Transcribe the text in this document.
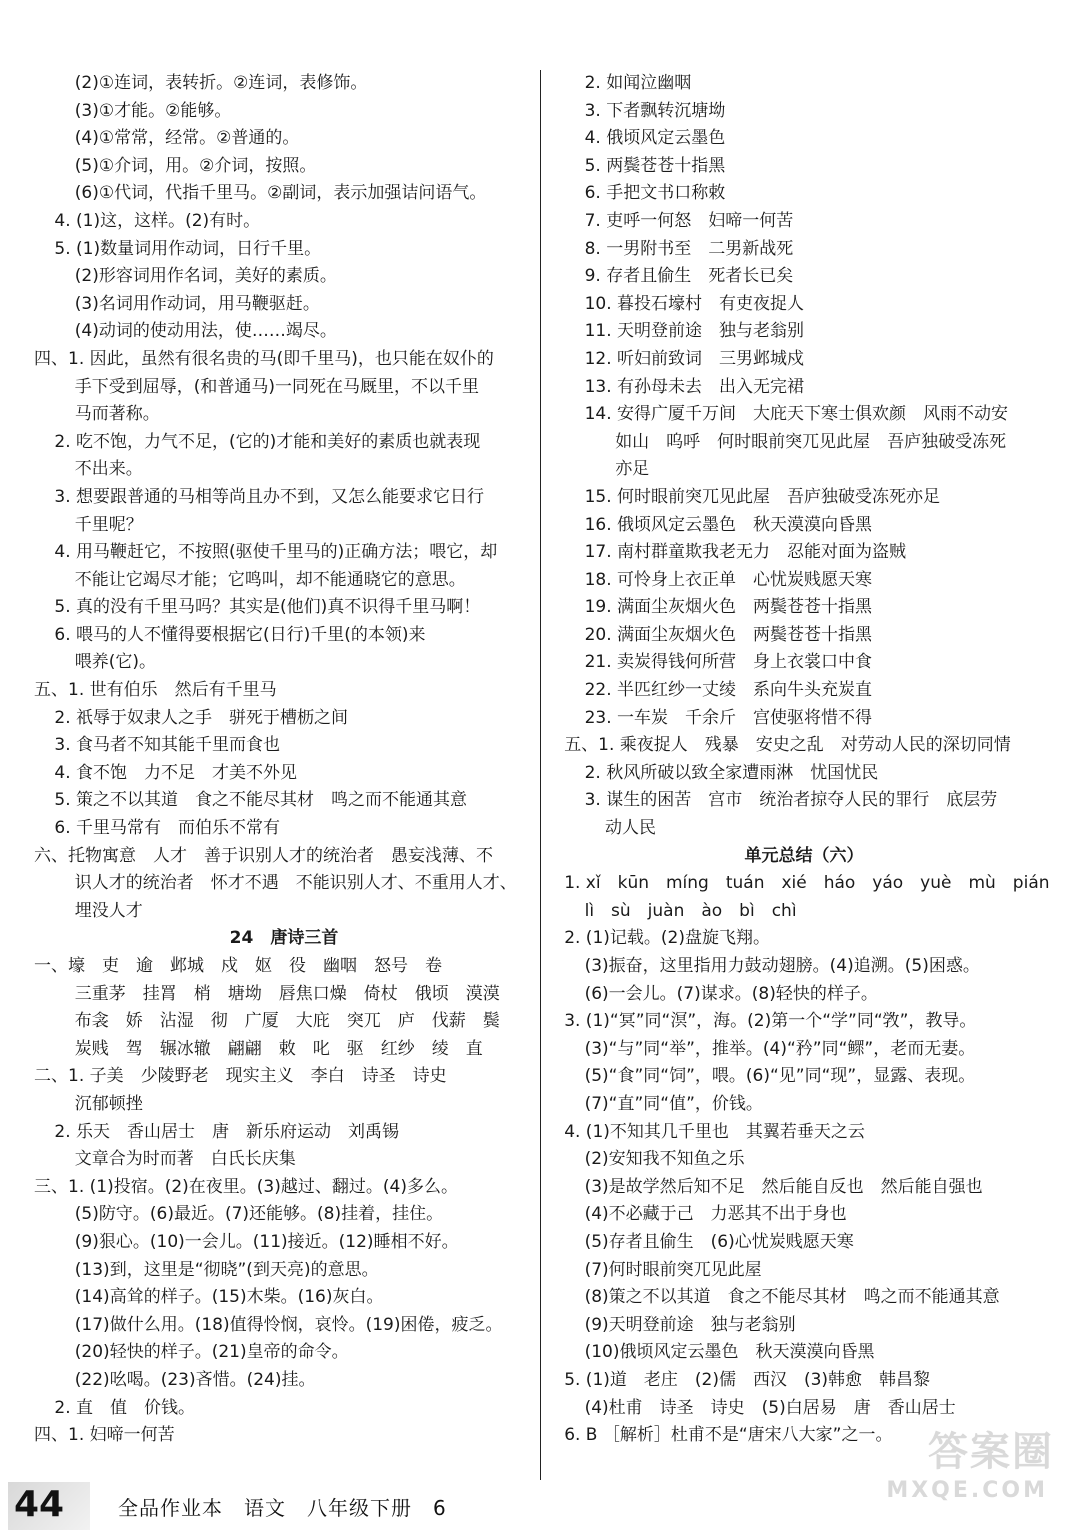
(2)①连词，表转折。②连词，表修饰。
(3)①才能。②能够。
(4)①常常，经常。②普通的。
(5)①介词，用。②介词，按照。
(6)①代词，代指千里马。②副词，表示加强诘问语气。
4. (1)这，这样。(2)有时。
5. (1)数量词用作动词，日行千里。
(2)形容词用作名词，美好的素质。
(3)名词用作动词，用马鞭驱赶。
(4)动词的使动用法，使……竭尽。
四、1. 因此，虽然有很名贵的马(即千里马)，也只能在奴仆的
手下受到屈辱，(和普通马)一同死在马厩里，不以千里
马而著称。
2. 吃不饱，力气不足，(它的)才能和美好的素质也就表现
不出来。
3. 想要跟普通的马相等尚且办不到，又怎么能要求它日行
千里呢？
4. 用马鞭赶它，不按照(驱使千里马的)正确方法；喂它，却
不能让它竭尽才能；它鸣叫，却不能通晓它的意思。
5. 真的没有千里马吗？其实是(他们)真不识得千里马啊！
6. 喂马的人不懂得要根据它(日行)千里(的本领)来
喂养(它)。
五、1. 世有伯乐　然后有千里马
2. 祇辱于奴隶人之手　骈死于槽枥之间
3. 食马者不知其能千里而食也
4. 食不饱　力不足　才美不外见
5. 策之不以其道　食之不能尽其材　鸣之而不能通其意
6. 千里马常有　而伯乐不常有
六、托物寓意　人才　善于识别人才的统治者　愚妄浅薄、不
识人才的统治者　怀才不遇　不能识别人才、不重用人才、
埋没人才
24　唐诗三首
一、壕　吏　逾　邺城　戍　妪　役　幽咽　怒号　卷
三重茅　挂罥　梢　塘坳　唇焦口燥　倚杖　俄顷　漠漠
布衾　娇　沾湿　彻　广厦　大庇　突兀　庐　伐薪　鬓
炭贱　驾　辗冰辙　翩翩　敕　叱　驱　红纱　绫　直
二、1. 子美　少陵野老　现实主义　李白　诗圣　诗史
沉郁顿挫
2. 乐天　香山居士　唐　新乐府运动　刘禹锡
文章合为时而著　白氏长庆集
三、1. (1)投宿。(2)在夜里。(3)越过、翻过。(4)多么。
(5)防守。(6)最近。(7)还能够。(8)挂着，挂住。
(9)狠心。(10)一会儿。(11)接近。(12)睡相不好。
(13)到，这里是“彻晓”(到天亮)的意思。
(14)高耸的样子。(15)木柴。(16)灰白。
(17)做什么用。(18)值得怜悯，哀怜。(19)困倦，疲乏。
(20)轻快的样子。(21)皇帝的命令。
(22)吆喝。(23)吝惜。(24)挂。
2. 直　值　价钱。
四、1. 妇啼一何苦
2. 如闻泣幽咽
3. 下者飘转沉塘坳
4. 俄顷风定云墨色
5. 两鬓苍苍十指黑
6. 手把文书口称敕
7. 吏呼一何怒　妇啼一何苦
8. 一男附书至　二男新战死
9. 存者且偷生　死者长已矣
10. 暮投石壕村　有吏夜捉人
11. 天明登前途　独与老翁别
12. 听妇前致词　三男邺城戍
13. 有孙母未去　出入无完裙
14. 安得广厦千万间　大庇天下寒士俱欢颜　风雨不动安
如山　呜呼　何时眼前突兀见此屋　吾庐独破受冻死
亦足
15. 何时眼前突兀见此屋　吾庐独破受冻死亦足
16. 俄顷风定云墨色　秋天漠漠向昏黑
17. 南村群童欺我老无力　忍能对面为盗贼
18. 可怜身上衣正单　心忧炭贱愿天寒
19. 满面尘灰烟火色　两鬓苍苍十指黑
20. 满面尘灰烟火色　两鬓苍苍十指黑
21. 卖炭得钱何所营　身上衣裳口中食
22. 半匹红纱一丈绫　系向牛头充炭直
23. 一车炭　千余斤　宫使驱将惜不得
五、1. 乘夜捉人　残暴　安史之乱　对劳动人民的深切同情
2. 秋风所破以致全家遭雨淋　忧国忧民
3. 谋生的困苦　宫市　统治者掠夺人民的罪行　底层劳
动人民
单元总结（六）
1. xǐ　kūn　míng　tuán　xié　háo　yáo　yuè　mù　pián
lì　sù　juàn　ào　bì　chì
2. (1)记载。(2)盘旋飞翔。
(3)振奋，这里指用力鼓动翅膀。(4)追溯。(5)困惑。
(6)一会儿。(7)谋求。(8)轻快的样子。
3. (1)“冥”同“溟”，海。(2)第一个“学”同“敩”，教导。
(3)“与”同“举”，推举。(4)“矜”同“鳏”，老而无妻。
(5)“食”同“饲”，喂。(6)“见”同“现”，显露、表现。
(7)“直”同“值”，价钱。
4. (1)不知其几千里也　其翼若垂天之云
(2)安知我不知鱼之乐
(3)是故学然后知不足　然后能自反也　然后能自强也
(4)不必藏于己　力恶其不出于身也
(5)存者且偷生　(6)心忧炭贱愿天寒
(7)何时眼前突兀见此屋
(8)策之不以其道　食之不能尽其材　鸣之而不能通其意
(9)天明登前途　独与老翁别
(10)俄顷风定云墨色　秋天漠漠向昏黑
5. (1)道　老庄　(2)儒　西汉　(3)韩愈　韩昌黎
(4)杜甫　诗圣　诗史　(5)白居易　唐　香山居士
6. B ［解析］杜甫不是“唐宋八大家”之一。
44	全品作业本　语文　八年级下册　6
答案圈
MXQE.COM
